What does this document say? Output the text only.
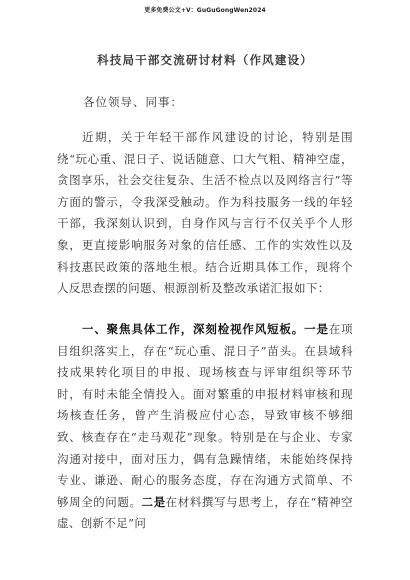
更多免费公文+V：GuGuGongWen2024
科技局干部交流研讨材料（作风建设）
各位领导、同事：

近期，关于年轻干部作风建设的讨论，特别是围绕“玩心重、混日子、说话随意、口大气粗、精神空虚，贪图享乐，社会交往复杂、生活不检点以及网络言行”等方面的警示，令我深受触动。作为科技服务一线的年轻干部，我深刻认识到，自身作风与言行不仅关乎个人形象，更直接影响服务对象的信任感、工作的实效性以及科技惠民政策的落地生根。结合近期具体工作，现将个人反思查摆的问题、根源剖析及整改承诺汇报如下：

一、聚焦具体工作，深刻检视作风短板。一是在项目组织落实上，存在“玩心重、混日子”苗头。在县域科技成果转化项目的申报、现场核查与评审组织等环节时，有时未能全情投入。面对繁重的申报材料审核和现场核查任务，曾产生消极应付心态，导致审核不够细致、核查存在“走马观花”现象。特别是在与企业、专家沟通对接中，面对压力，偶有急躁情绪，未能始终保持专业、谦逊、耐心的服务态度，存在沟通方式简单、不够周全的问题。二是在材料撰写与思考上，存在“精神空虚、创新不足”问
